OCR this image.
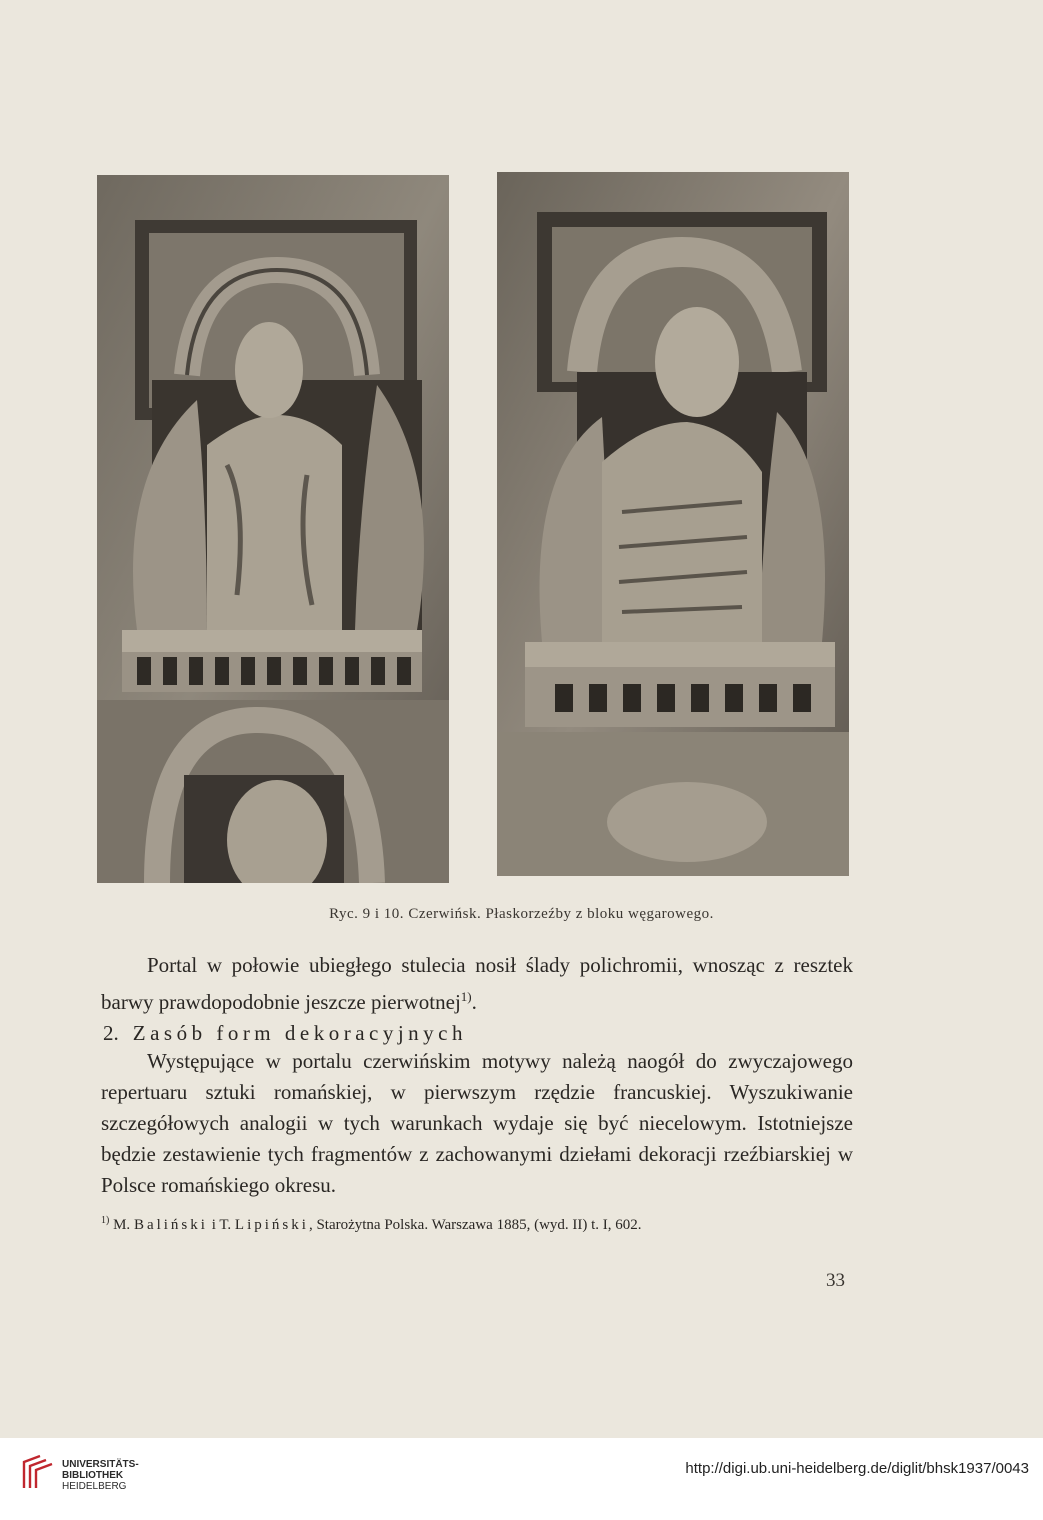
Ryc. 9 i 10. Czerwińsk. Płaskorzeźby z bloku węgarowego.

Portal w połowie ubiegłego stulecia nosił ślady polichromii, wnosząc z resztek barwy prawdopodobnie jeszcze pierwotnej$^{1)}$.

2. Zasób form dekoracyjnych

Występujące w portalu czerwińskim motywy należą naogół do zwyczajowego repertuaru sztuki romańskiej, w pierwszym rzędzie francuskiej. Wyszukiwanie szczegółowych analogii w tych warunkach wydaje się być niecelowym. Istotniejsze będzie zestawienie tych fragmentów z zachowanymi dziełami dekoracji rzeźbiarskiej w Polsce romańskiego okresu.

$^{1)}$ M. Baliński i T. Lipiński, Starożytna Polska. Warszawa 1885, (wyd. II) t. I, 602.
33
UNIVERSITÄTS-
BIBLIOTHEK
HEIDELBERG
http://digi.ub.uni-heidelberg.de/diglit/bhsk1937/0043
